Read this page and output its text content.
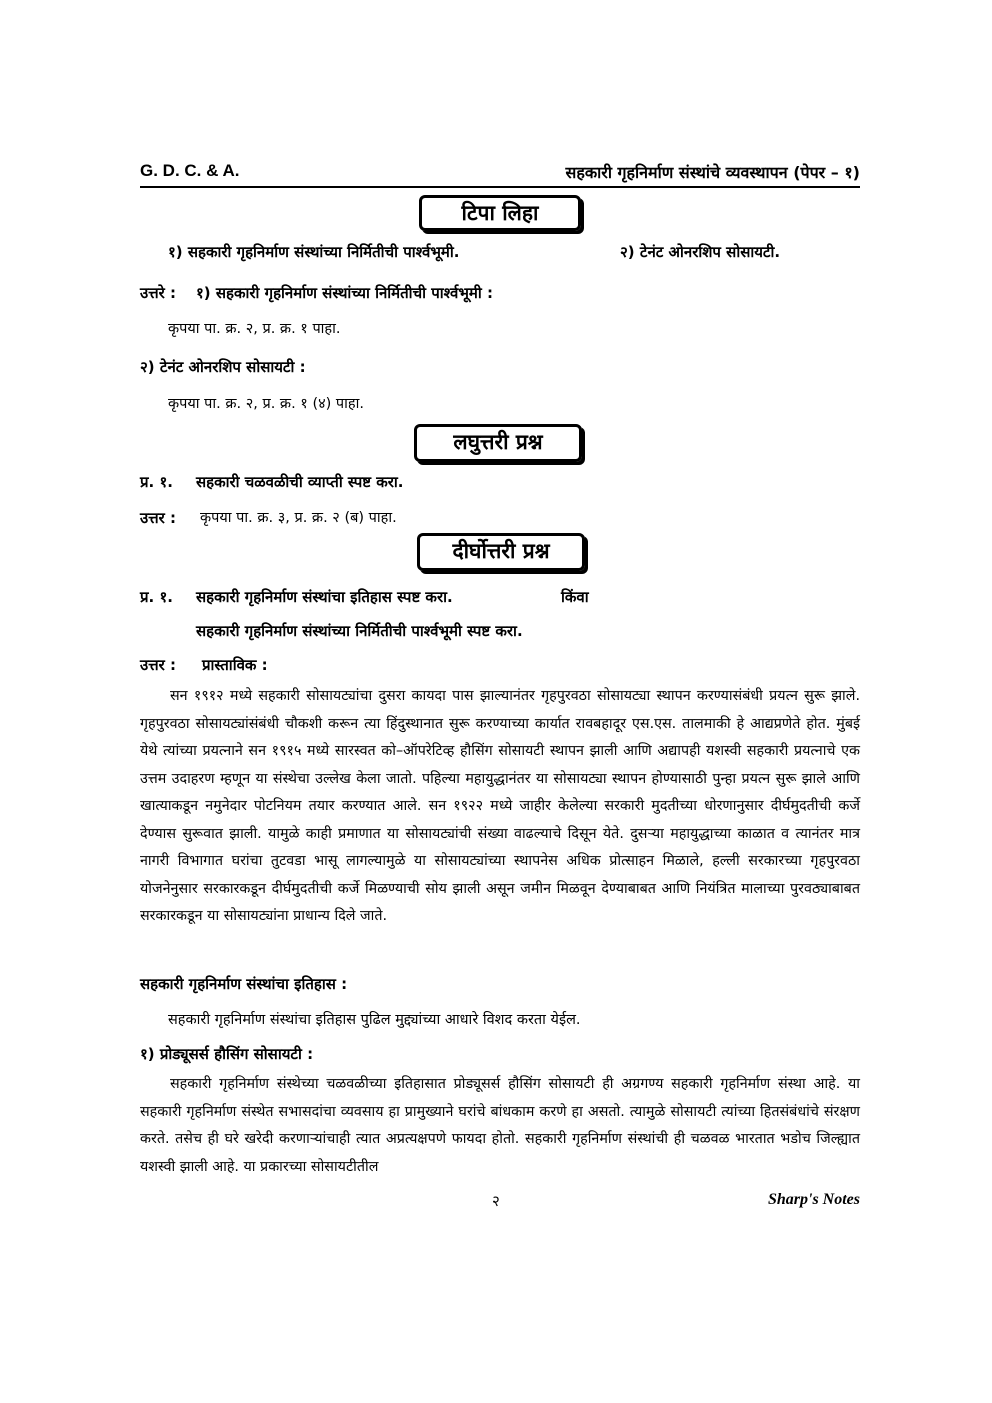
G. D. C. & A.	सहकारी गृहनिर्माण संस्थांचे व्यवस्थापन (पेपर – १)
टिपा लिहा
१) सहकारी गृहनिर्माण संस्थांच्या निर्मितीची पार्श्वभूमी.	२) टेनंट ओनरशिप सोसायटी.
उत्तरे : १) सहकारी गृहनिर्माण संस्थांच्या निर्मितीची पार्श्वभूमी :
कृपया पा. क्र. २, प्र. क्र. १ पाहा.
२) टेनंट ओनरशिप सोसायटी :
कृपया पा. क्र. २, प्र. क्र. १ (४) पाहा.
लघुत्तरी प्रश्न
प्र. १. सहकारी चळवळीची व्याप्ती स्पष्ट करा.
उत्तर : कृपया पा. क्र. ३, प्र. क्र. २ (ब) पाहा.
दीर्घोत्तरी प्रश्न
प्र. १. सहकारी गृहनिर्माण संस्थांचा इतिहास स्पष्ट करा.	किंवा
सहकारी गृहनिर्माण संस्थांच्या निर्मितीची पार्श्वभूमी स्पष्ट करा.
उत्तर : प्रास्ताविक :

सन १९१२ मध्ये सहकारी सोसायट्यांचा दुसरा कायदा पास झाल्यानंतर गृहपुरवठा सोसायट्या स्थापन करण्यासंबंधी प्रयत्न सुरू झाले. गृहपुरवठा सोसायट्यांसंबंधी चौकशी करून त्या हिंदुस्थानात सुरू करण्याच्या कार्यात रावबहादूर एस.एस. तालमाकी हे आद्यप्रणेते होत. मुंबई येथे त्यांच्या प्रयत्नाने सन १९१५ मध्ये सारस्वत को–ऑपरेटिव्ह हौसिंग सोसायटी स्थापन झाली आणि अद्यापही यशस्वी सहकारी प्रयत्नाचे एक उत्तम उदाहरण म्हणून या संस्थेचा उल्लेख केला जातो. पहिल्या महायुद्धानंतर या सोसायट्या स्थापन होण्यासाठी पुन्हा प्रयत्न सुरू झाले आणि खात्याकडून नमुनेदार पोटनियम तयार करण्यात आले. सन १९२२ मध्ये जाहीर केलेल्या सरकारी मुदतीच्या धोरणानुसार दीर्घमुदतीची कर्जे देण्यास सुरूवात झाली. यामुळे काही प्रमाणात या सोसायट्यांची संख्या वाढल्याचे दिसून येते. दुसऱ्या महायुद्धाच्या काळात व त्यानंतर मात्र नागरी विभागात घरांचा तुटवडा भासू लागल्यामुळे या सोसायट्यांच्या स्थापनेस अधिक प्रोत्साहन मिळाले, हल्ली सरकारच्या गृहपुरवठा योजनेनुसार सरकारकडून दीर्घमुदतीची कर्जे मिळण्याची सोय झाली असून जमीन मिळवून देण्याबाबत आणि नियंत्रित मालाच्या पुरवठ्याबाबत सरकारकडून या सोसायट्यांना प्राधान्य दिले जाते.

सहकारी गृहनिर्माण संस्थांचा इतिहास :
सहकारी गृहनिर्माण संस्थांचा इतिहास पुढिल मुद्द्यांच्या आधारे विशद करता येईल.
१) प्रोड्यूसर्स हौसिंग सोसायटी :

सहकारी गृहनिर्माण संस्थेच्या चळवळीच्या इतिहासात प्रोड्यूसर्स हौसिंग सोसायटी ही अग्रगण्य सहकारी गृहनिर्माण संस्था आहे. या सहकारी गृहनिर्माण संस्थेत सभासदांचा व्यवसाय हा प्रामुख्याने घरांचे बांधकाम करणे हा असतो. त्यामुळे सोसायटी त्यांच्या हितसंबंधांचे संरक्षण करते. तसेच ही घरे खरेदी करणाऱ्यांचाही त्यात अप्रत्यक्षपणे फायदा होतो. सहकारी गृहनिर्माण संस्थांची ही चळवळ भारतात भडोच जिल्ह्यात यशस्वी झाली आहे. या प्रकारच्या सोसायटीतील

२	Sharp's Notes
